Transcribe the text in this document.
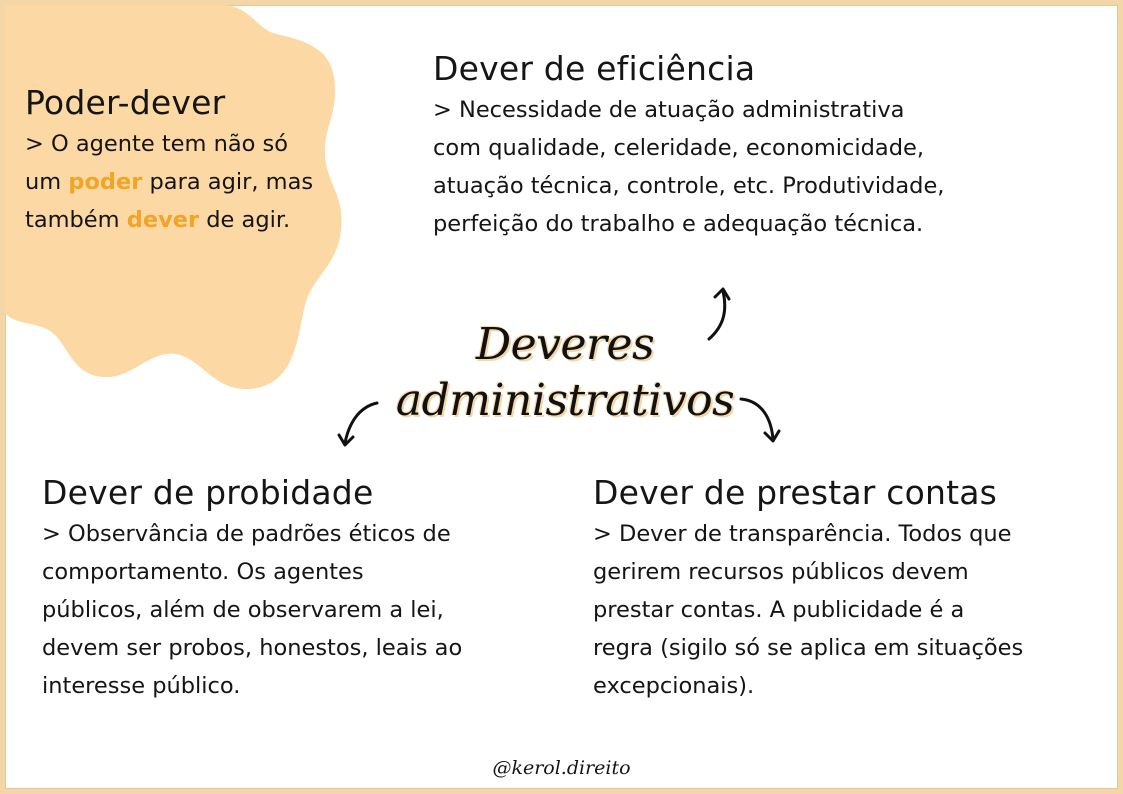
Poder-dever

> O agente tem não só um poder para agir, mas também dever de agir.

Dever de eficiência

> Necessidade de atuação administrativa

com qualidade, celeridade, economicidade,

atuação técnica, controle, etc. Produtividade,

perfeição do trabalho e adequação técnica.

Deveres
administrativos
Dever de probidade

> Observância de padrões éticos de

comportamento. Os agentes

públicos, além de observarem a lei,

devem ser probos, honestos, leais ao

interesse público.

Dever de prestar contas

> Dever de transparência. Todos que

gerirem recursos públicos devem

prestar contas. A publicidade é a

regra (sigilo só se aplica em situações

excepcionais).

@kerol.direito
